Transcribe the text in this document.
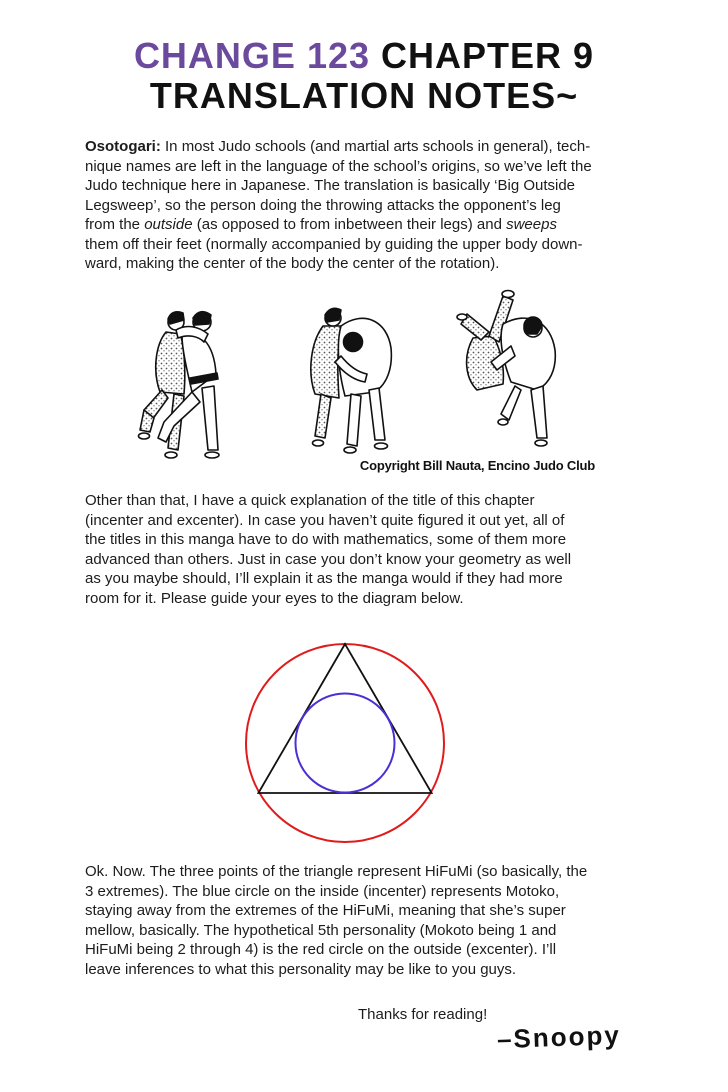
CHANGE 123 CHAPTER 9
TRANSLATION NOTES~
Osotogari: In most Judo schools (and martial arts schools in general), tech-
nique names are left in the language of the school’s origins, so we’ve left the
Judo technique here in Japanese. The translation is basically ‘Big Outside
Legsweep’, so the person doing the throwing attacks the opponent’s leg
from the outside (as opposed to from inbetween their legs) and sweeps
them off their feet (normally accompanied by guiding the upper body down-
ward, making the center of the body the center of the rotation).
Copyright Bill Nauta, Encino Judo Club
Other than that, I have a quick explanation of the title of this chapter
(incenter and excenter). In case you haven’t quite figured it out yet, all of
the titles in this manga have to do with mathematics, some of them more
advanced than others. Just in case you don’t know your geometry as well
as you maybe should, I’ll explain it as the manga would if they had more
room for it. Please guide your eyes to the diagram below.
Ok. Now. The three points of the triangle represent HiFuMi (so basically, the
3 extremes). The blue circle on the inside (incenter) represents Motoko,
staying away from the extremes of the HiFuMi, meaning that she’s super
mellow, basically. The hypothetical 5th personality (Mokoto being 1 and
HiFuMi being 2 through 4) is the red circle on the outside (excenter). I’ll
leave inferences to what this personality may be like to you guys.
Thanks for reading!
–Snoopy
